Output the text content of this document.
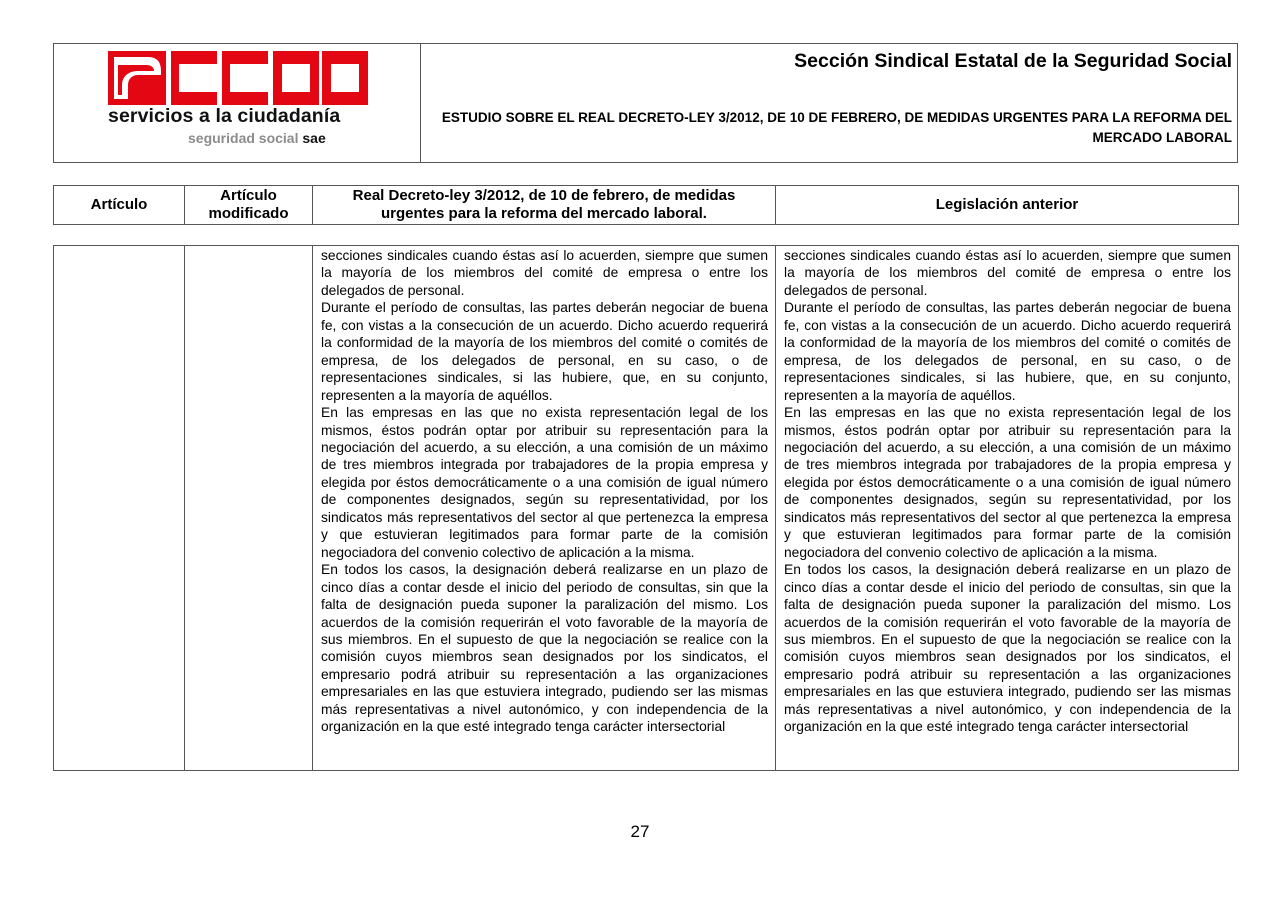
servicios a la ciudadanía
seguridad social sae
Sección Sindical Estatal de la Seguridad Social
ESTUDIO SOBRE EL REAL DECRETO-LEY 3/2012, DE 10 DE FEBRERO, DE MEDIDAS URGENTES PARA LA REFORMA DEL MERCADO LABORAL
Artículo
Artículo modificado
Real Decreto-ley 3/2012, de 10 de febrero, de medidas urgentes para la reforma del mercado laboral.
Legislación anterior

secciones sindicales cuando éstas así lo acuerden, siempre que sumen la mayoría de los miembros del comité de empresa o entre los delegados de personal.

Durante el período de consultas, las partes deberán negociar de buena fe, con vistas a la consecución de un acuerdo. Dicho acuerdo requerirá la conformidad de la mayoría de los miembros del comité o comités de empresa, de los delegados de personal, en su caso, o de representaciones sindicales, si las hubiere, que, en su conjunto, representen a la mayoría de aquéllos.

En las empresas en las que no exista representación legal de los mismos, éstos podrán optar por atribuir su representación para la negociación del acuerdo, a su elección, a una comisión de un máximo de tres miembros integrada por trabajadores de la propia empresa y elegida por éstos democráticamente o a una comisión de igual número de componentes designados, según su representatividad, por los sindicatos más representativos del sector al que pertenezca la empresa y que estuvieran legitimados para formar parte de la comisión negociadora del convenio colectivo de aplicación a la misma.

En todos los casos, la designación deberá realizarse en un plazo de cinco días a contar desde el inicio del periodo de consultas, sin que la falta de designación pueda suponer la paralización del mismo. Los acuerdos de la comisión requerirán el voto favorable de la mayoría de sus miembros. En el supuesto de que la negociación se realice con la comisión cuyos miembros sean designados por los sindicatos, el empresario podrá atribuir su representación a las organizaciones empresariales en las que estuviera integrado, pudiendo ser las mismas más representativas a nivel autonómico, y con independencia de la organización en la que esté integrado tenga carácter intersectorial

secciones sindicales cuando éstas así lo acuerden, siempre que sumen la mayoría de los miembros del comité de empresa o entre los delegados de personal.

Durante el período de consultas, las partes deberán negociar de buena fe, con vistas a la consecución de un acuerdo. Dicho acuerdo requerirá la conformidad de la mayoría de los miembros del comité o comités de empresa, de los delegados de personal, en su caso, o de representaciones sindicales, si las hubiere, que, en su conjunto, representen a la mayoría de aquéllos.

En las empresas en las que no exista representación legal de los mismos, éstos podrán optar por atribuir su representación para la negociación del acuerdo, a su elección, a una comisión de un máximo de tres miembros integrada por trabajadores de la propia empresa y elegida por éstos democráticamente o a una comisión de igual número de componentes designados, según su representatividad, por los sindicatos más representativos del sector al que pertenezca la empresa y que estuvieran legitimados para formar parte de la comisión negociadora del convenio colectivo de aplicación a la misma.

En todos los casos, la designación deberá realizarse en un plazo de cinco días a contar desde el inicio del periodo de consultas, sin que la falta de designación pueda suponer la paralización del mismo. Los acuerdos de la comisión requerirán el voto favorable de la mayoría de sus miembros. En el supuesto de que la negociación se realice con la comisión cuyos miembros sean designados por los sindicatos, el empresario podrá atribuir su representación a las organizaciones empresariales en las que estuviera integrado, pudiendo ser las mismas más representativas a nivel autonómico, y con independencia de la organización en la que esté integrado tenga carácter intersectorial

27
